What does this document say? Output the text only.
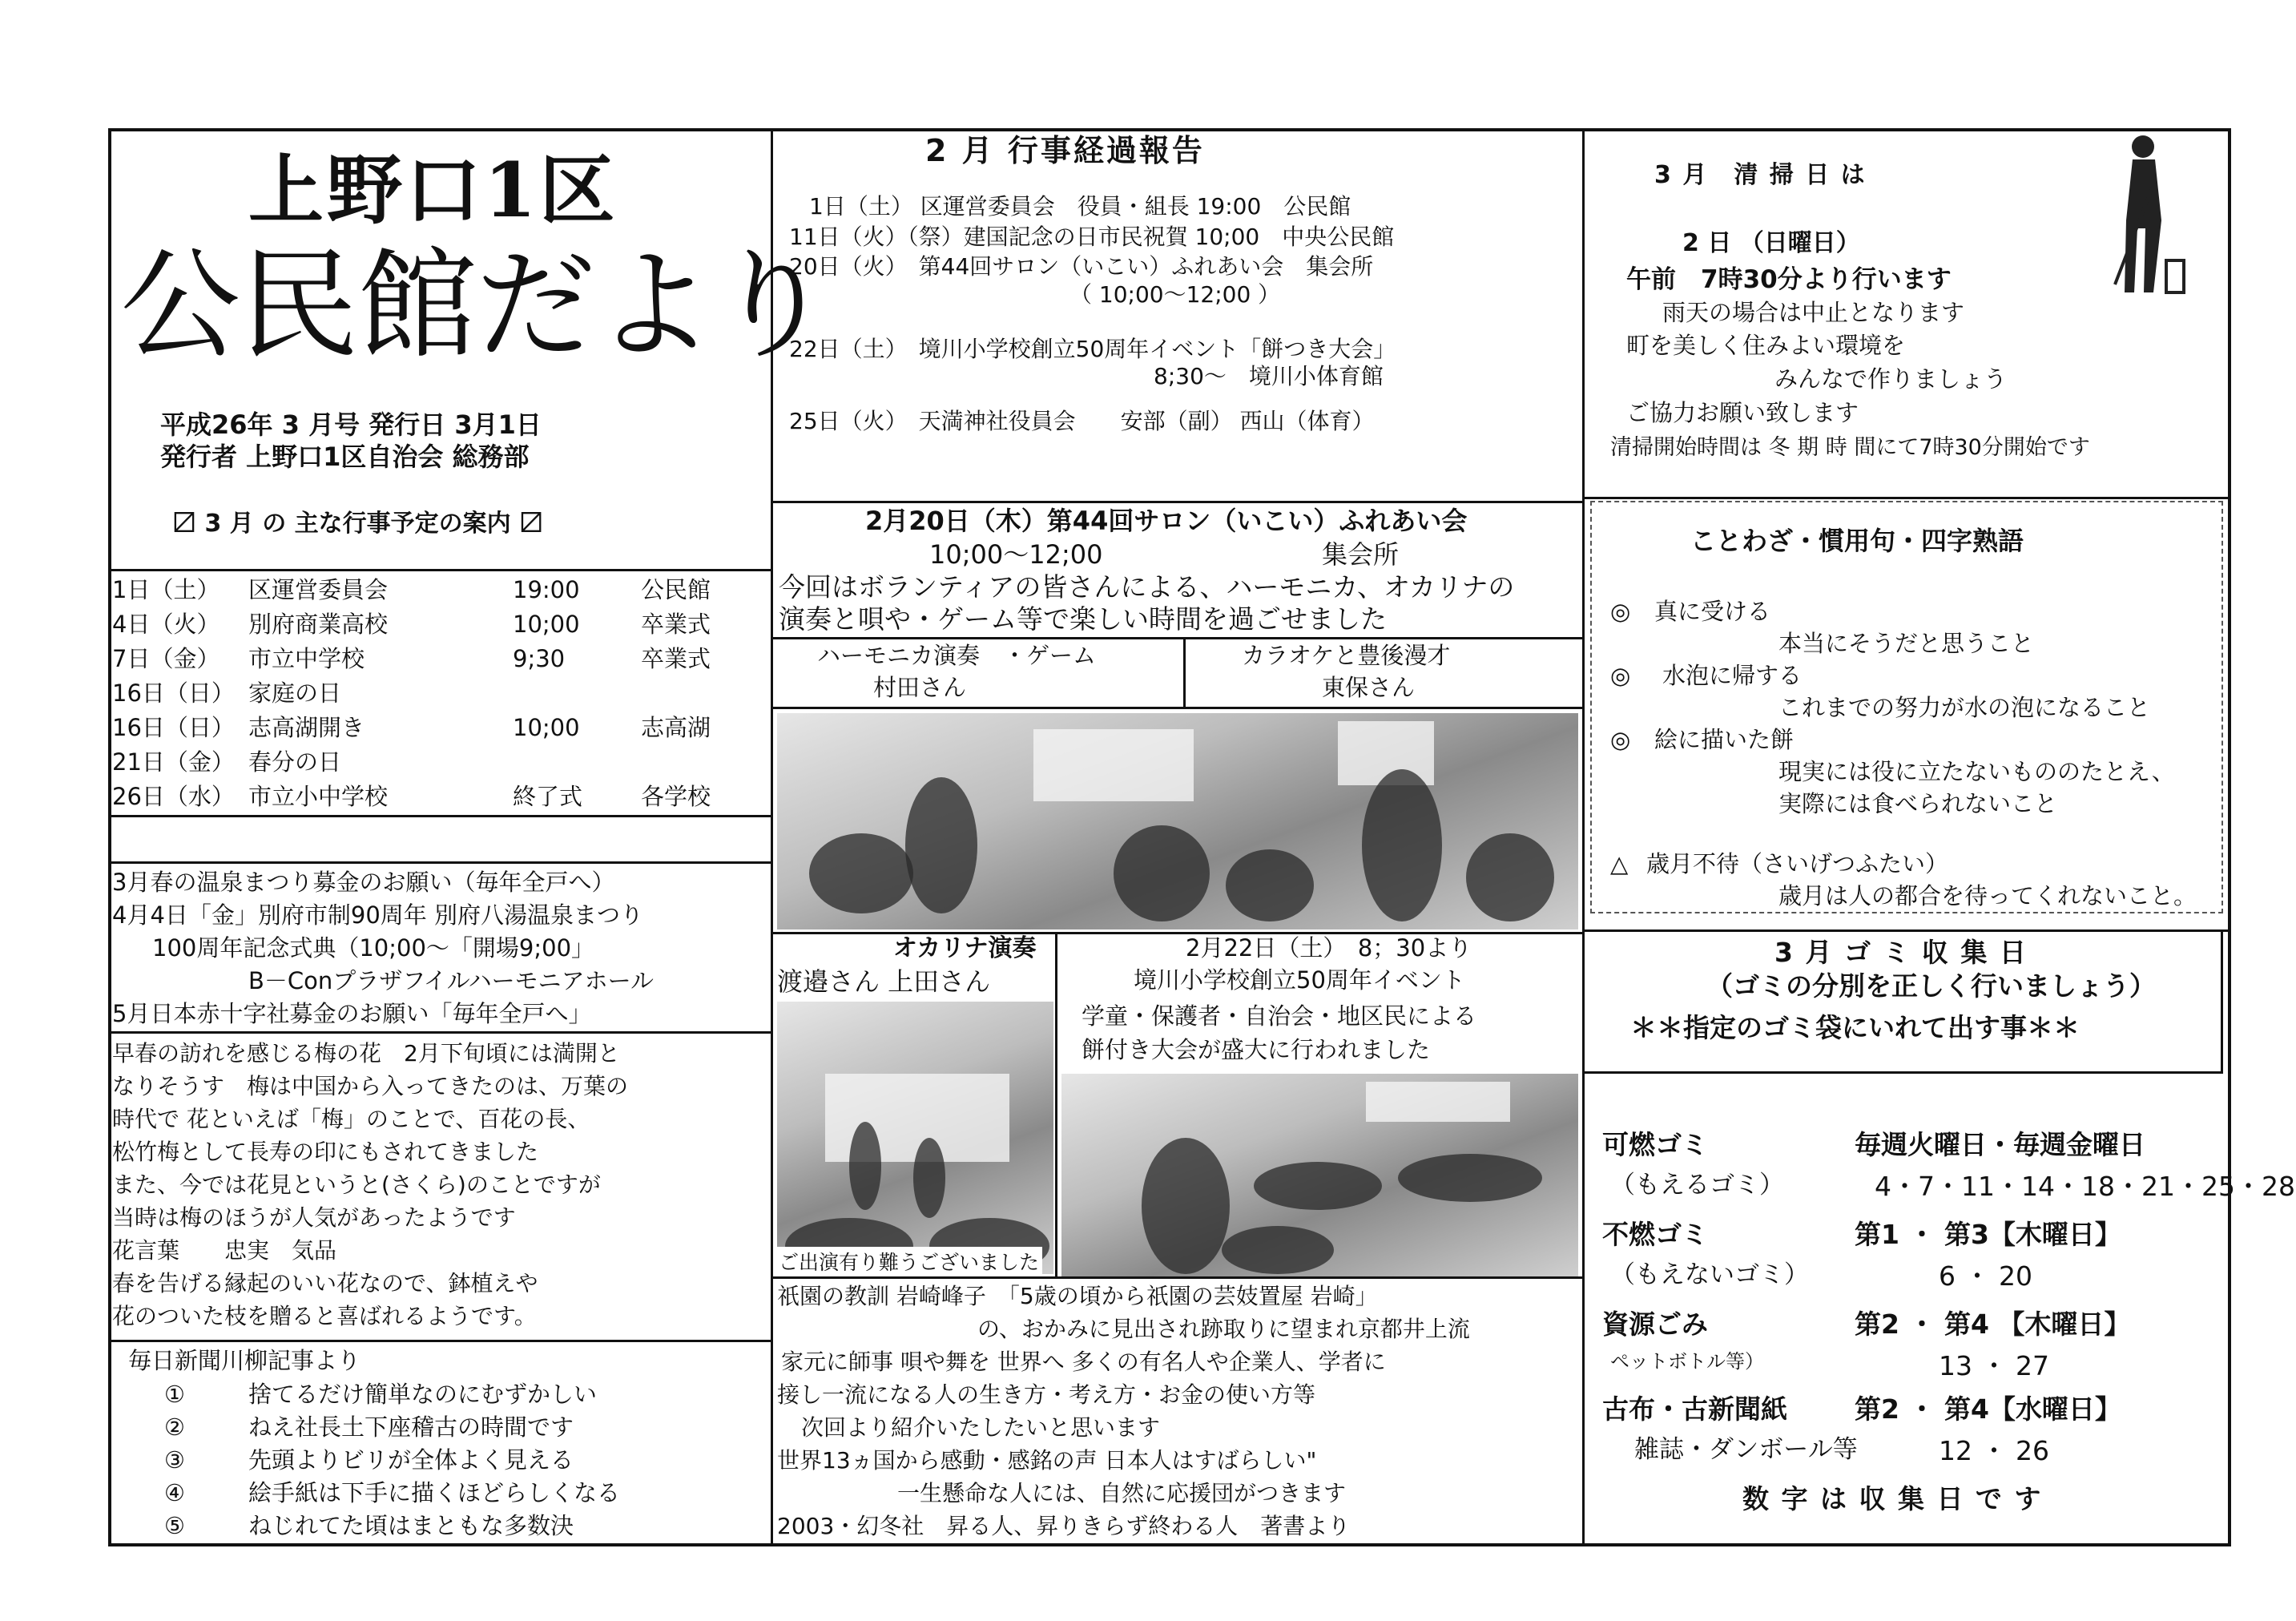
上野口1区
公民館だより
平成26年 3 月号 発行日 3月1日
発行者 上野口1区自治会 総務部
〼 3 月 の 主な行事予定の案内 〼
1日（土） 区運営委員会	19:00	公民館
4日（火） 別府商業高校	10;00	卒業式
7日（金） 市立中学校	9;30	卒業式
16日（日） 家庭の日
16日（日） 志高湖開き	10;00	志高湖
21日（金） 春分の日
26日（水） 市立小中学校	終了式	各学校
3月春の温泉まつり募金のお願い（毎年全戸へ）
4月4日「金」別府市制90周年 別府八湯温泉まつり
100周年記念式典（10;00～「開場9;00」
B－Conプラザフイルハーモニアホール
5月日本赤十字社募金のお願い「毎年全戸へ」
早春の訪れを感じる梅の花　2月下旬頃には満開と
なりそうす　梅は中国から入ってきたのは、万葉の
時代で 花といえば「梅」のことで、百花の長、
松竹梅として長寿の印にもされてきました
また、今では花見というと(さくら)のことですが
当時は梅のほうが人気があったようです
花言葉　　忠実　気品
春を告げる縁起のいい花なので、鉢植えや
花のついた枝を贈ると喜ばれるようです。
毎日新聞川柳記事より
①	捨てるだけ簡単なのにむずかしい
②	ねえ社長土下座稽古の時間です
③	先頭よりビリが全体よく見える
④	絵手紙は下手に描くほどらしくなる
⑤	ねじれてた頃はまともな多数決
2 月 行事経過報告
1日（土） 区運営委員会　役員・組長 19:00　公民館
11日（火）（祭）建国記念の日市民祝賀 10;00　中央公民館
20日（火）　第44回サロン（いこい）ふれあい会　集会所
（ 10;00～12;00 ）
22日（土）　境川小学校創立50周年イベント「餅つき大会」
8;30～　境川小体育館
25日（火）　天満神社役員会　　安部（副） 西山（体育）
2月20日（木）第44回サロン（いこい）ふれあい会
10;00～12;00	集会所
今回はボランティアの皆さんによる、ハーモニカ、オカリナの
演奏と唄や・ゲーム等で楽しい時間を過ごせました
ハーモニカ演奏　・ゲーム
村田さん
カラオケと豊後漫才
東保さん
オカリナ演奏
渡邉さん 上田さん
ご出演有り難うございました
2月22日（土）　8；30より
境川小学校創立50周年イベント
学童・保護者・自治会・地区民による
餅付き大会が盛大に行われました
祇園の教訓 岩崎峰子　「5歳の頃から祇園の芸妓置屋 岩崎」
の、おかみに見出され跡取りに望まれ京都井上流
家元に師事 唄や舞を 世界へ 多くの有名人や企業人、学者に
接し一流になる人の生き方・考え方・お金の使い方等
次回より紹介いたしたいと思います
世界13ヵ国から感動・感銘の声 日本人はすばらしい"
一生懸命な人には、自然に応援団がつきます
2003・幻冬社　昇る人、昇りきらず終わる人　著書より
3 月　清 掃 日 は
2 日 （日曜日）
午前　7時30分より行います
雨天の場合は中止となります
町を美しく住みよい環境を
みんなで作りましょう
ご協力お願い致します
清掃開始時間は 冬 期 時 間にて7時30分開始です
ことわざ・慣用句・四字熟語
◎ 真に受ける
本当にそうだと思うこと
◎ 水泡に帰する
これまでの努力が水の泡になること
◎ 絵に描いた餅
現実には役に立たないもののたとえ、
実際には食べられないこと
△ 歳月不待（さいげつふたい）
歳月は人の都合を待ってくれないこと。
3 月 ゴ ミ 収 集 日
（ゴミの分別を正しく行いましょう）
＊＊指定のゴミ袋にいれて出す事＊＊
可燃ゴミ	毎週火曜日・毎週金曜日
（もえるゴミ）	4・7・11・14・18・21・25・28
不燃ゴミ	第1 ・ 第3【木曜日】
（もえないゴミ）	6 ・ 20
資源ごみ	第2 ・ 第4 【木曜日】
ペットボトル等）	13 ・ 27
古布・古新聞紙	第2 ・ 第4【水曜日】
雑誌・ダンボール等	12 ・ 26
数 字 は 収 集 日 で す
